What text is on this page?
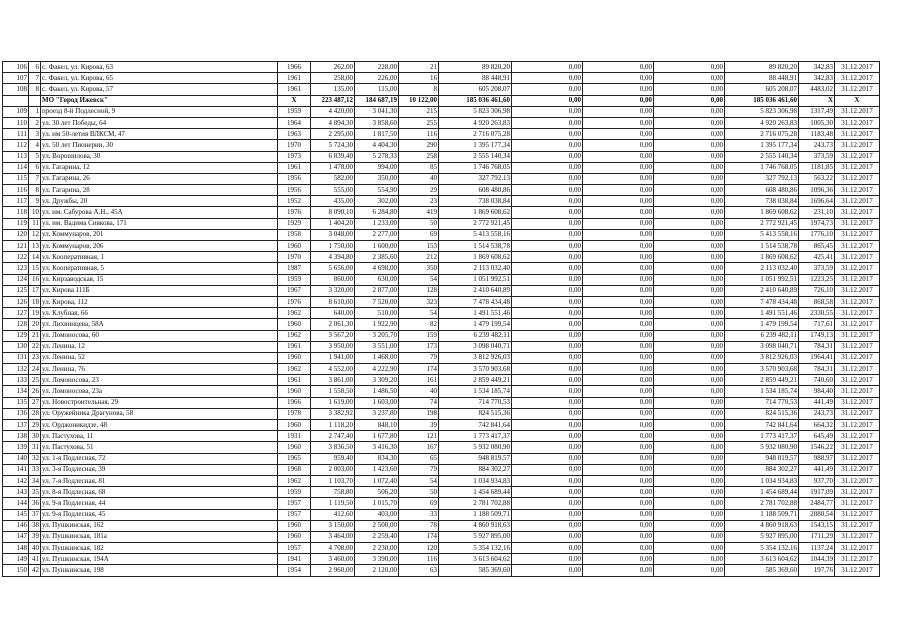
106	6	с. Факел, ул. Кирова, 63	1966	262,00	228,00	21	89 820,20	0,00	0,00	0,00	89 820,20	342,83	31.12.2017
107	7	с. Факел, ул. Кирова, 65	1961	258,00	226,00	16	88 448,91	0,00	0,00	0,00	88 448,91	342,83	31.12.2017
108	8	с. Факел, ул. Кирова, 57	1961	135,00	115,00	8	605 208,07	0,00	0,00	0,00	605 208,07	4483,02	31.12.2017
		МО "Город Ижевск"	X	223 487,12	184 687,19	10 122,00	185 036 461,60	0,00	0,00	0,00	185 036 461,60	X	X
109	1	проезд 8-й Подлесной, 9	1959	4 420,00	3 041,30	215	5 823 306,98	0,00	0,00	0,00	5 823 306,98	1317,49	31.12.2017
110	2	ул. 30 лет Победы, 64	1964	4 894,30	3 858,60	255	4 920 263,83	0,00	0,00	0,00	4 920 263,83	1005,30	31.12.2017
111	3	ул. им 50-летия ВЛКСМ, 47	1963	2 295,00	1 817,50	116	2 716 075,28	0,00	0,00	0,00	2 716 075,28	1183,48	31.12.2017
112	4	ул. 50 лет Пионерии, 30	1970	5 724,30	4 404,30	290	1 395 177,34	0,00	0,00	0,00	1 395 177,34	243,73	31.12.2017
113	5	ул. Ворошилова, 30	1973	6 839,40	5 278,33	258	2 555 140,34	0,00	0,00	0,00	2 555 140,34	373,59	31.12.2017
114	6	ул. Гагарина, 12	1961	1 478,00	994,00	85	1 746 768,05	0,00	0,00	0,00	1 746 768,05	1181,85	31.12.2017
115	7	ул. Гагарина, 26	1956	582,00	350,00	40	327 792,13	0,00	0,00	0,00	327 792,13	563,22	31.12.2017
116	8	ул. Гагарина, 28	1956	555,00	554,90	29	608 480,86	0,00	0,00	0,00	608 480,86	1096,36	31.12.2017
117	9	ул. Дружбы, 20	1952	435,00	302,00	23	738 038,84	0,00	0,00	0,00	738 038,84	1696,64	31.12.2017
118	10	ул. им. Сабурова А.Н., 45А	1976	8 090,10	6 284,80	419	1 869 608,62	0,00	0,00	0,00	1 869 608,62	231,10	31.12.2017
119	11	ул. им. Вадима Сивкова, 171	1929	1 404,20	1 233,00	50	2 772 921,45	0,00	0,00	0,00	2 772 921,45	1974,73	31.12.2017
120	12	ул. Коммунаров, 201	1958	3 048,00	2 277,00	69	5 413 558,16	0,00	0,00	0,00	5 413 558,16	1776,10	31.12.2017
121	13	ул. Коммунаров, 206	1960	1 750,00	1 600,00	153	1 514 538,78	0,00	0,00	0,00	1 514 538,78	865,45	31.12.2017
122	14	ул. Кооперативная, 1	1970	4 394,80	2 385,60	212	1 869 608,62	0,00	0,00	0,00	1 869 608,62	425,41	31.12.2017
123	15	ул. Кооперативная, 5	1987	5 656,00	4 698,00	350	2 113 032,40	0,00	0,00	0,00	2 113 032,40	373,59	31.12.2017
124	16	ул. Кирзаводская, 15	1959	860,00	630,00	54	1 051 992,51	0,00	0,00	0,00	1 051 992,51	1223,25	31.12.2017
125	17	ул. Кирова 111Б	1967	3 320,00	2 877,00	128	2 410 640,89	0,00	0,00	0,00	2 410 640,89	726,10	31.12.2017
126	18	ул. Кирова, 112	1976	8 610,00	7 520,00	323	7 478 434,48	0,00	0,00	0,00	7 478 434,48	868,58	31.12.2017
127	19	ул. Клубная, 66	1962	640,00	510,00	54	1 491 551,46	0,00	0,00	0,00	1 491 551,46	2330,55	31.12.2017
128	20	ул. Лихвинцева, 58А	1960	2 061,30	1 922,90	82	1 479 199,54	0,00	0,00	0,00	1 479 199,54	717,61	31.12.2017
129	21	ул. Ломоносова, 60	1962	3 567,20	3 205,70	159	6 239 482,11	0,00	0,00	0,00	6 239 482,11	1749,13	31.12.2017
130	22	ул. Ленина, 12	1961	3 950,00	3 551,00	173	3 098 040,71	0,00	0,00	0,00	3 098 040,71	784,31	31.12.2017
131	23	ул. Ленина, 52	1960	1 941,00	1 468,00	79	3 812 926,03	0,00	0,00	0,00	3 812 926,03	1964,41	31.12.2017
132	24	ул. Ленина, 76	1962	4 552,00	4 222,90	174	3 570 903,68	0,00	0,00	0,00	3 570 903,68	784,31	31.12.2017
133	25	ул. Ломоносова, 23	1961	3 861,00	3 309,20	161	2 859 449,21	0,00	0,00	0,00	2 859 449,21	740,60	31.12.2017
134	26	ул. Ломоносова, 23а	1960	1 558,50	1 486,50	40	1 534 185,74	0,00	0,00	0,00	1 534 185,74	984,40	31.12.2017
135	27	ул. Новостроительная, 29	1966	1 619,00	1 603,00	74	714 770,53	0,00	0,00	0,00	714 770,53	441,49	31.12.2017
136	28	ул. Оружейника Драгунова, 58	1978	3 382,92	3 237,80	198	824 515,36	0,00	0,00	0,00	824 515,36	243,73	31.12.2017
137	29	ул. Орджоникидзе, 48	1960	1 118,20	848,10	39	742 841,64	0,00	0,00	0,00	742 841,64	664,32	31.12.2017
138	30	ул. Пастухова, 11	1931	2 747,40	1 677,80	121	1 773 417,37	0,00	0,00	0,00	1 773 417,37	645,49	31.12.2017
139	31	ул. Пастухова, 51	1960	3 836,50	3 416,30	167	5 932 080,90	0,00	0,00	0,00	5 932 080,90	1546,22	31.12.2017
140	32	ул. 1-я Подлесная, 72	1965	959,40	834,30	65	948 819,57	0,00	0,00	0,00	948 819,57	988,97	31.12.2017
141	33	ул. 3-я Подлесная, 39	1968	2 003,00	1 423,60	79	884 302,27	0,00	0,00	0,00	884 302,27	441,49	31.12.2017
142	34	ул. 7-я Подлесная, 81	1962	1 103,70	1 072,40	54	1 034 934,83	0,00	0,00	0,00	1 034 934,83	937,70	31.12.2017
143	35	ул. 8-я Подлесная, 68	1959	758,80	506,20	50	1 454 689,44	0,00	0,00	0,00	1 454 689,44	1917,09	31.12.2017
144	36	ул. 9-я Подлесная, 44	1957	1 119,50	1 015,70	69	2 781 702,88	0,00	0,00	0,00	2 781 702,88	2484,77	31.12.2017
145	37	ул. 9-я Подлесная, 45	1957	412,60	403,00	33	1 188 509,71	0,00	0,00	0,00	1 188 509,71	2880,54	31.12.2017
146	38	ул. Пушкинская, 162	1960	3 150,00	2 500,00	78	4 860 918,63	0,00	0,00	0,00	4 860 918,63	1543,15	31.12.2017
147	39	ул. Пушкинская, 181а	1960	3 464,00	2 259,40	174	5 927 895,00	0,00	0,00	0,00	5 927 895,00	1711,29	31.12.2017
148	40	ул. Пушкинская, 182	1957	4 708,00	2 230,00	120	5 354 132,16	0,00	0,00	0,00	5 354 132,16	1137,24	31.12.2017
149	41	ул. Пушкинская, 194А	1941	3 460,00	3 390,00	116	3 613 604,62	0,00	0,00	0,00	3 613 604,62	1044,39	31.12.2017
150	42	ул. Пушкинская, 198	1954	2 960,00	2 120,00	63	585 369,60	0,00	0,00	0,00	585 369,60	197,76	31.12.2017
